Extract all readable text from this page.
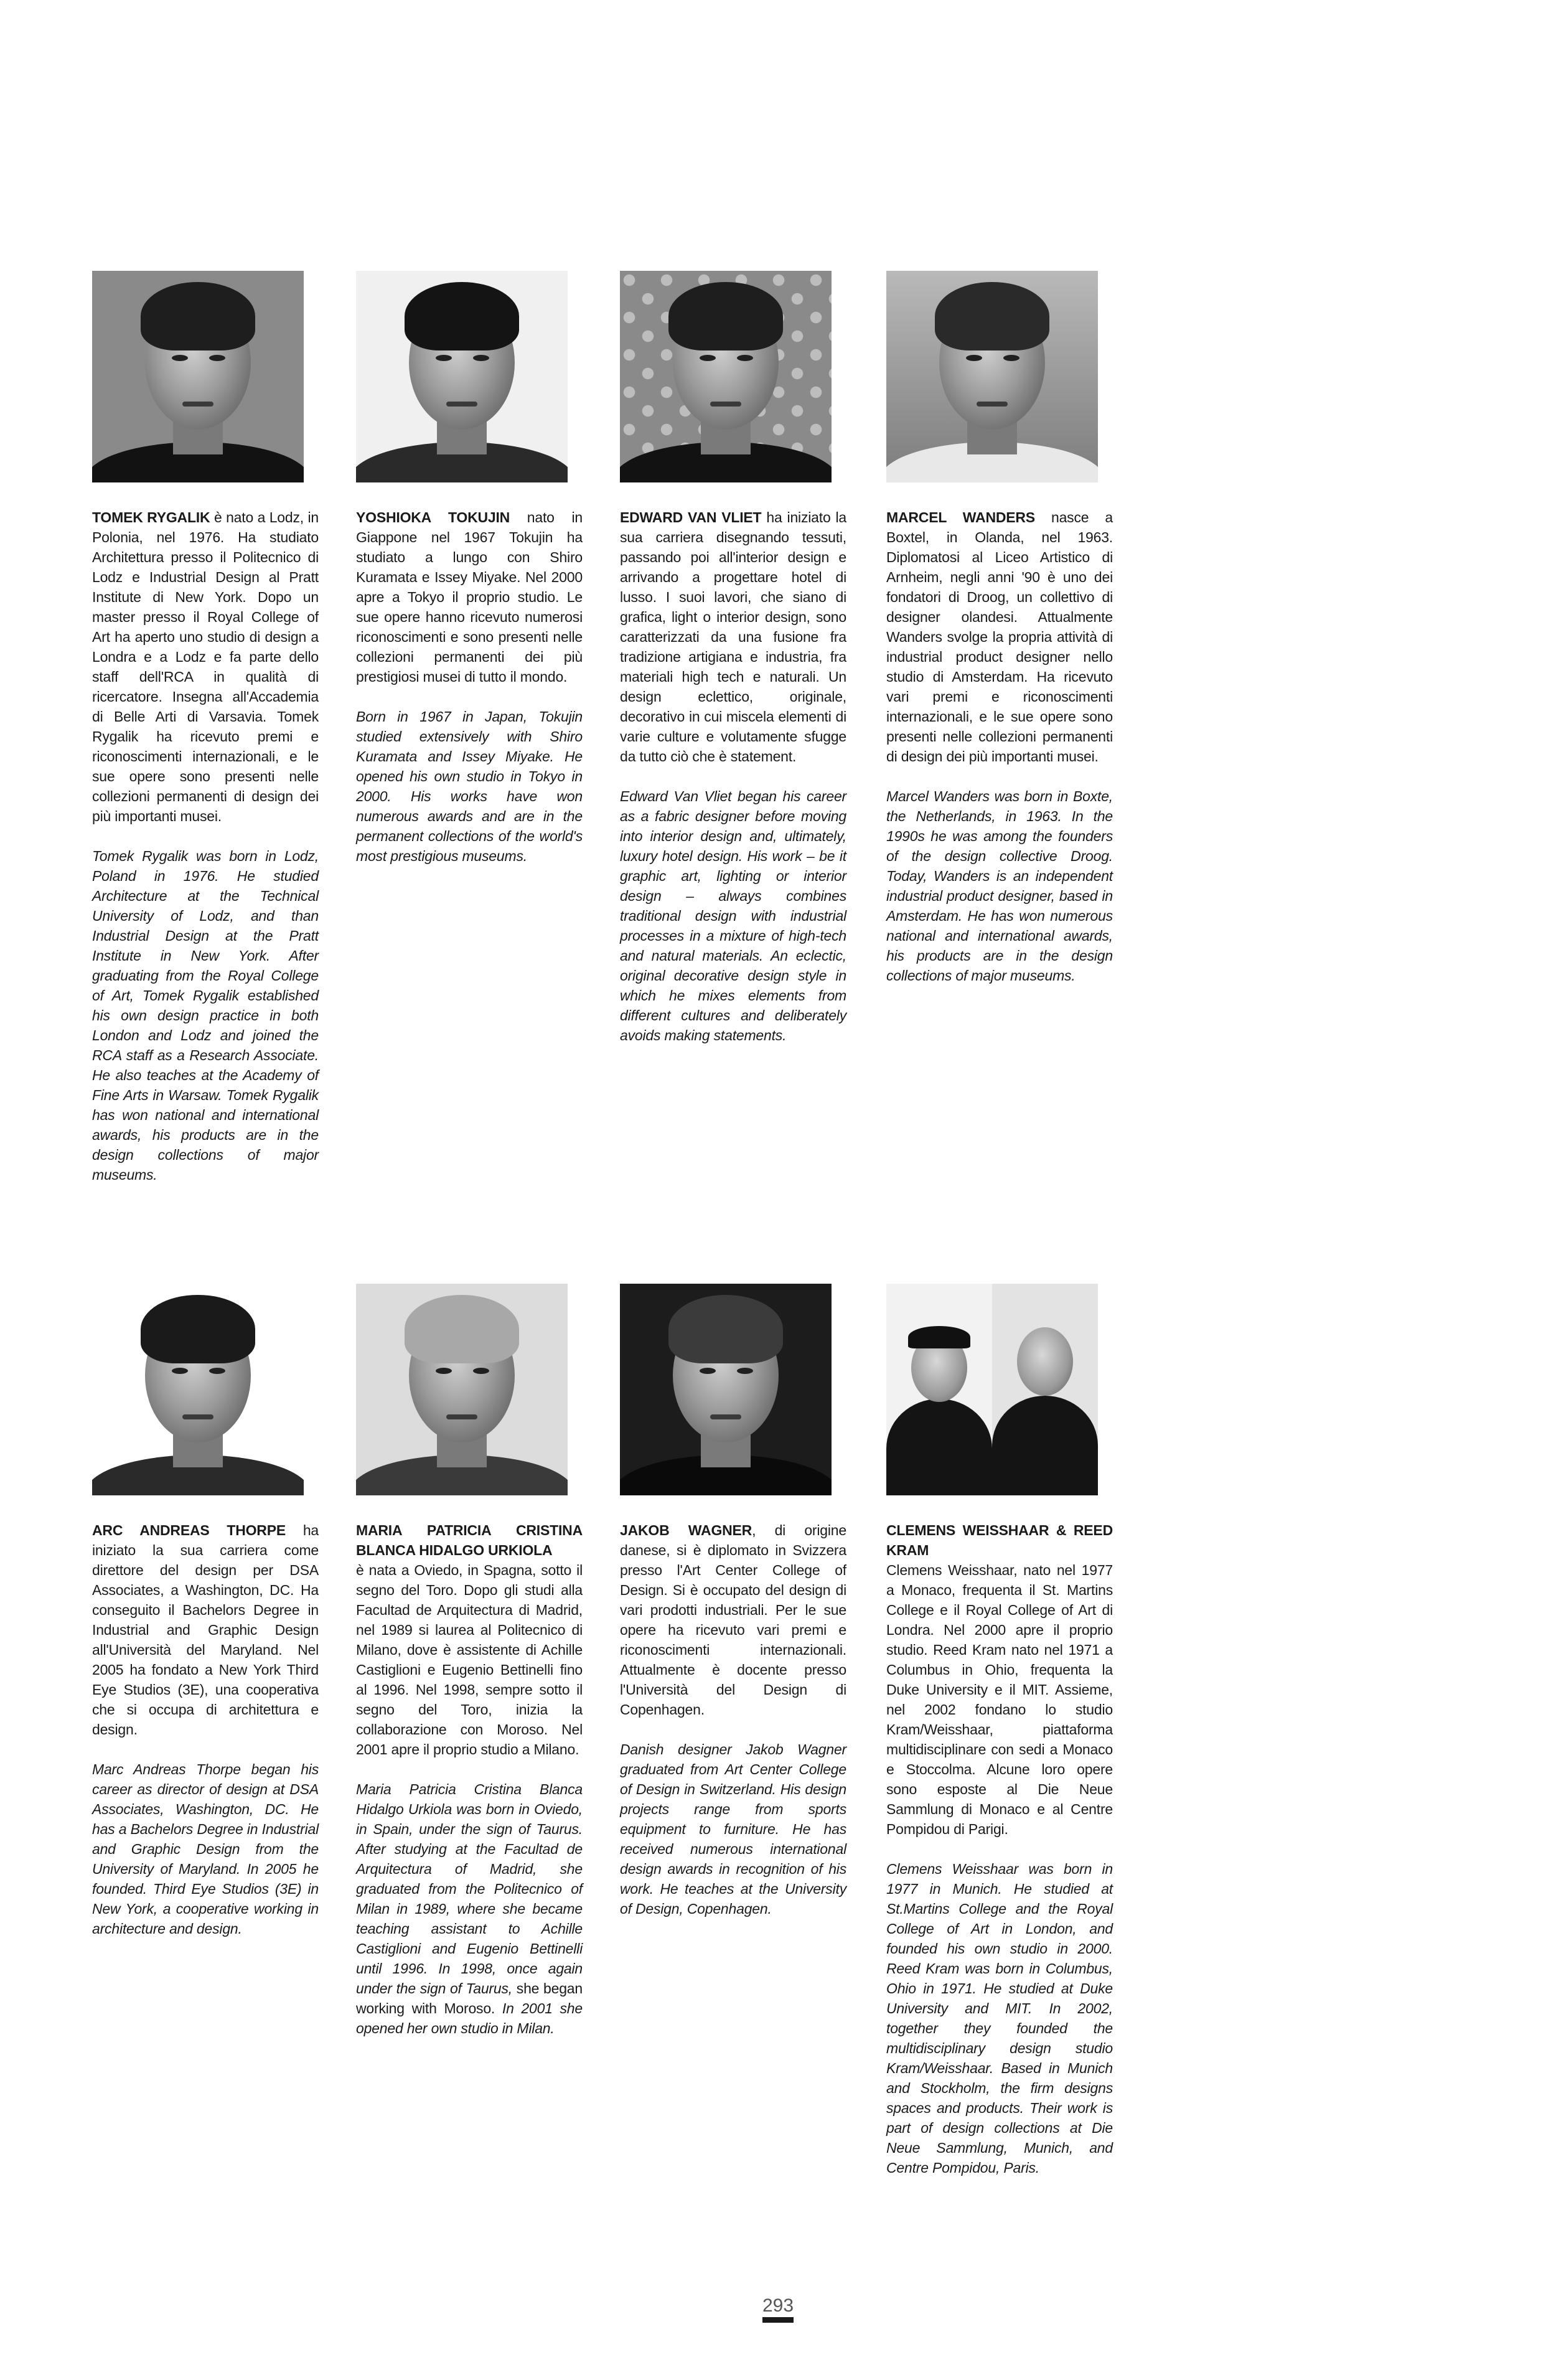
TOMEK RYGALIK è nato a Lodz, in Polonia, nel 1976. Ha studiato Architettura presso il Politecnico di Lodz e Industrial Design al Pratt Institute di New York. Dopo un master presso il Royal College of Art ha aperto uno studio di design a Londra e a Lodz e fa parte dello staff dell'RCA in qualità di ricercatore. Insegna all'Accademia di Belle Arti di Varsavia. Tomek Rygalik ha ricevuto premi e riconoscimenti internazionali, e le sue opere sono presenti nelle collezioni permanenti di design dei più importanti musei.
Tomek Rygalik was born in Lodz, Poland in 1976. He studied Architecture at the Technical University of Lodz, and than Industrial Design at the Pratt Institute in New York. After graduating from the Royal College of Art, Tomek Rygalik established his own design practice in both London and Lodz and joined the RCA staff as a Research Associate. He also teaches at the Academy of Fine Arts in Warsaw. Tomek Rygalik has won national and international awards, his products are in the design collections of major museums.
YOSHIOKA TOKUJIN nato in Giappone nel 1967 Tokujin ha studiato a lungo con Shiro Kuramata e Issey Miyake. Nel 2000 apre a Tokyo il proprio studio. Le sue opere hanno ricevuto numerosi riconoscimenti e sono presenti nelle collezioni permanenti dei più prestigiosi musei di tutto il mondo.
Born in 1967 in Japan, Tokujin studied extensively with Shiro Kuramata and Issey Miyake. He opened his own studio in Tokyo in 2000. His works have won numerous awards and are in the permanent collections of the world's most prestigious museums.
EDWARD VAN VLIET ha iniziato la sua carriera disegnando tessuti, passando poi all'interior design e arrivando a progettare hotel di lusso. I suoi lavori, che siano di grafica, light o interior design, sono caratterizzati da una fusione fra tradizione artigiana e industria, fra materiali high tech e naturali. Un design eclettico, originale, decorativo in cui miscela elementi di varie culture e volutamente sfugge da tutto ciò che è statement.
Edward Van Vliet began his career as a fabric designer before moving into interior design and, ultimately, luxury hotel design. His work – be it graphic art, lighting or interior design – always combines traditional design with industrial processes in a mixture of high-tech and natural materials. An eclectic, original decorative design style in which he mixes elements from different cultures and deliberately avoids making statements.
MARCEL WANDERS nasce a Boxtel, in Olanda, nel 1963. Diplomatosi al Liceo Artistico di Arnheim, negli anni '90 è uno dei fondatori di Droog, un collettivo di designer olandesi. Attualmente Wanders svolge la propria attività di industrial product designer nello studio di Amsterdam. Ha ricevuto vari premi e riconoscimenti internazionali, e le sue opere sono presenti nelle collezioni permanenti di design dei più importanti musei.
Marcel Wanders was born in Boxte, the Netherlands, in 1963. In the 1990s he was among the founders of the design collective Droog. Today, Wanders is an independent industrial product designer, based in Amsterdam. He has won numerous national and international awards, his products are in the design collections of major museums.
ARC ANDREAS THORPE ha iniziato la sua carriera come direttore del design per DSA Associates, a Washington, DC. Ha conseguito il Bachelors Degree in Industrial and Graphic Design all'Università del Maryland. Nel 2005 ha fondato a New York Third Eye Studios (3E), una cooperativa che si occupa di architettura e design.
Marc Andreas Thorpe began his career as director of design at DSA Associates, Washington, DC. He has a Bachelors Degree in Industrial and Graphic Design from the University of Maryland. In 2005 he founded. Third Eye Studios (3E) in New York, a cooperative working in architecture and design.
MARIA PATRICIA CRISTINA BLANCA HIDALGO URKIOLA
è nata a Oviedo, in Spagna, sotto il segno del Toro. Dopo gli studi alla Facultad de Arquitectura di Madrid, nel 1989 si laurea al Politecnico di Milano, dove è assistente di Achille Castiglioni e Eugenio Bettinelli fino al 1996. Nel 1998, sempre sotto il segno del Toro, inizia la collaborazione con Moroso. Nel 2001 apre il proprio studio a Milano.
Maria Patricia Cristina Blanca Hidalgo Urkiola was born in Oviedo, in Spain, under the sign of Taurus. After studying at the Facultad de Arquitectura of Madrid, she graduated from the Politecnico of Milan in 1989, where she became teaching assistant to Achille Castiglioni and Eugenio Bettinelli until 1996. In 1998, once again under the sign of Taurus, she began working with Moroso. In 2001 she opened her own studio in Milan.
JAKOB WAGNER, di origine danese, si è diplomato in Svizzera presso l'Art Center College of Design. Si è occupato del design di vari prodotti industriali. Per le sue opere ha ricevuto vari premi e riconoscimenti internazionali. Attualmente è docente presso l'Università del Design di Copenhagen.
Danish designer Jakob Wagner graduated from Art Center College of Design in Switzerland. His design projects range from sports equipment to furniture. He has received numerous international design awards in recognition of his work. He teaches at the University of Design, Copenhagen.
CLEMENS WEISSHAAR & REED KRAM
Clemens Weisshaar, nato nel 1977 a Monaco, frequenta il St. Martins College e il Royal College of Art di Londra. Nel 2000 apre il proprio studio. Reed Kram nato nel 1971 a Columbus in Ohio, frequenta la Duke University e il MIT. Assieme, nel 2002 fondano lo studio Kram/Weisshaar, piattaforma multidisciplinare con sedi a Monaco e Stoccolma. Alcune loro opere sono esposte al Die Neue Sammlung di Monaco e al Centre Pompidou di Parigi.
Clemens Weisshaar was born in 1977 in Munich. He studied at St.Martins College and the Royal College of Art in London, and founded his own studio in 2000. Reed Kram was born in Columbus, Ohio in 1971. He studied at Duke University and MIT. In 2002, together they founded the multidisciplinary design studio Kram/Weisshaar. Based in Munich and Stockholm, the firm designs spaces and products. Their work is part of design collections at Die Neue Sammlung, Munich, and Centre Pompidou, Paris.
293
